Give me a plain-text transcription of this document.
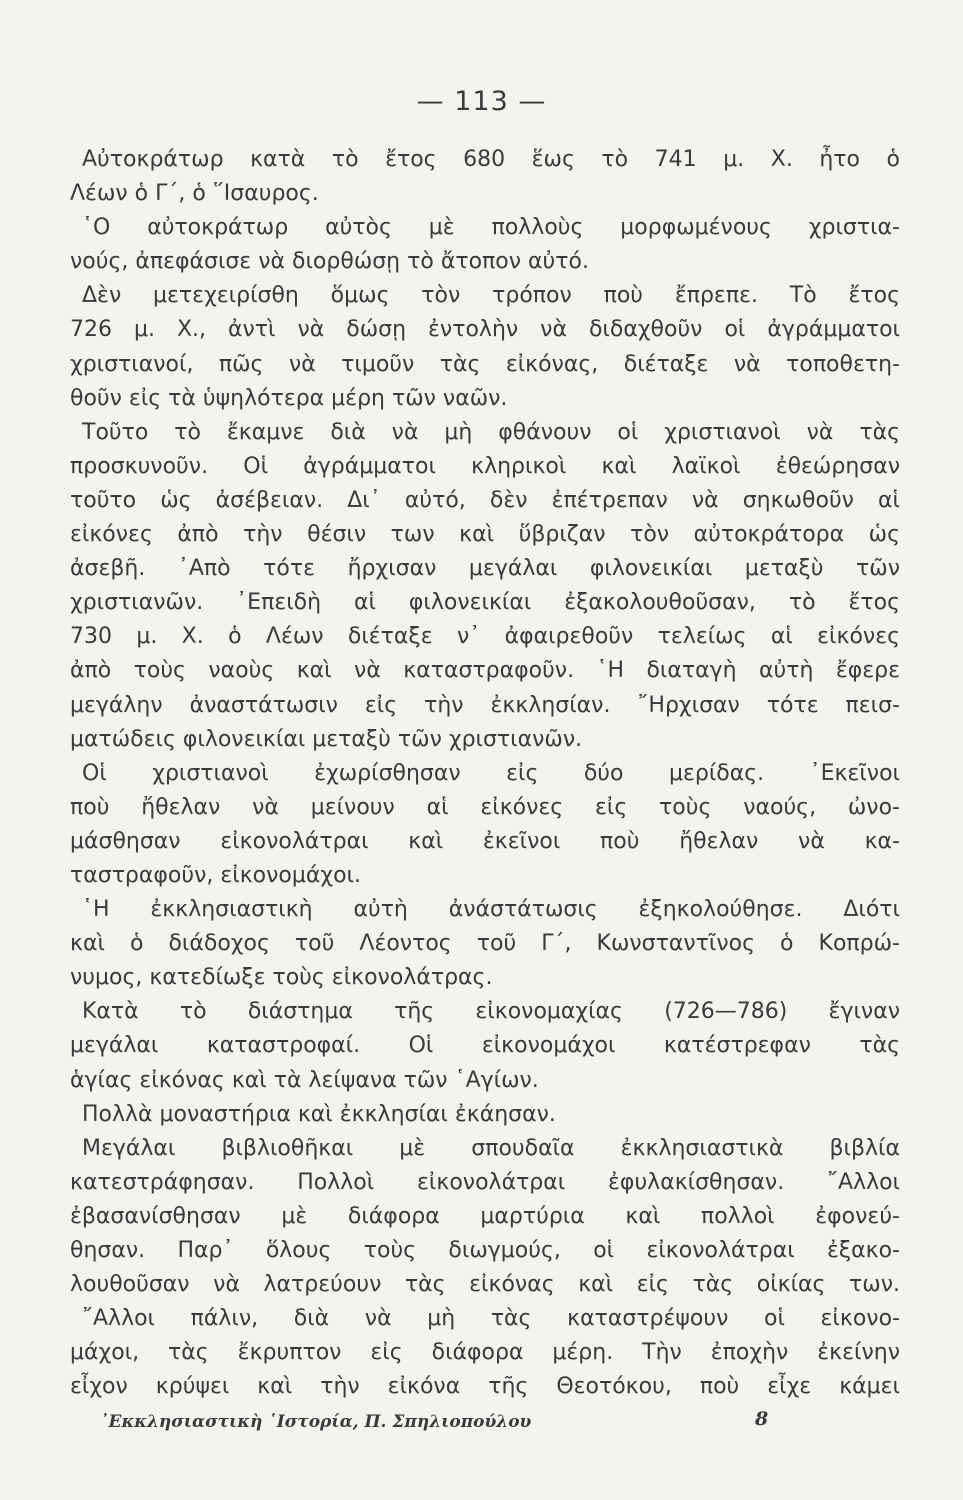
— 113 —
Αὐτοκράτωρ κατὰ τὸ ἔτος 680 ἕως τὸ 741 μ. Χ. ἦτο ὁ
Λέων ὁ Γ΄, ὁ ῞Ισαυρος.
῾Ο αὐτοκράτωρ αὐτὸς μὲ πολλοὺς μορφωμένους χριστια-
νούς, ἀπεφάσισε νὰ διορθώσῃ τὸ ἄτοπον αὐτό.
Δὲν μετεχειρίσθη ὅμως τὸν τρόπον ποὺ ἔπρεπε. Τὸ ἔτος
726 μ. Χ., ἀντὶ νὰ δώσῃ ἐντολὴν νὰ διδαχθοῦν οἱ ἀγράμματοι
χριστιανοί, πῶς νὰ τιμοῦν τὰς εἰκόνας, διέταξε νὰ τοποθετη-
θοῦν εἰς τὰ ὑψηλότερα μέρη τῶν ναῶν.
Τοῦτο τὸ ἔκαμνε διὰ νὰ μὴ φθάνουν οἱ χριστιανοὶ νὰ τὰς
προσκυνοῦν. Οἱ ἀγράμματοι κληρικοὶ καὶ λαϊκοὶ ἐθεώρησαν
τοῦτο ὡς ἀσέβειαν. Δι᾿ αὐτό, δὲν ἐπέτρεπαν νὰ σηκωθοῦν αἱ
εἰκόνες ἀπὸ τὴν θέσιν των καὶ ὕβριζαν τὸν αὐτοκράτορα ὡς
ἀσεβῆ. ᾿Απὸ τότε ἤρχισαν μεγάλαι φιλονεικίαι μεταξὺ τῶν
χριστιανῶν. ᾿Επειδὴ αἱ φιλονεικίαι ἐξακολουθοῦσαν, τὸ ἔτος
730 μ. Χ. ὁ Λέων διέταξε ν᾿ ἀφαιρεθοῦν τελείως αἱ εἰκόνες
ἀπὸ τοὺς ναοὺς καὶ νὰ καταστραφοῦν. ῾Η διαταγὴ αὐτὴ ἔφερε
μεγάλην ἀναστάτωσιν εἰς τὴν ἐκκλησίαν. ῎Ηρχισαν τότε πεισ-
ματώδεις φιλονεικίαι μεταξὺ τῶν χριστιανῶν.
Οἱ χριστιανοὶ ἐχωρίσθησαν εἰς δύο μερίδας. ᾿Εκεῖνοι
ποὺ ἤθελαν νὰ μείνουν αἱ εἰκόνες εἰς τοὺς ναούς, ὠνο-
μάσθησαν εἰκονολάτραι καὶ ἐκεῖνοι ποὺ ἤθελαν νὰ κα-
ταστραφοῦν, εἰκονομάχοι.
῾Η ἐκκλησιαστικὴ αὐτὴ ἀνάστάτωσις ἐξηκολούθησε. Διότι
καὶ ὁ διάδοχος τοῦ Λέοντος τοῦ Γ΄, Κωνσταντῖνος ὁ Κοπρώ-
νυμος, κατεδίωξε τοὺς εἰκονολάτρας.
Κατὰ τὸ διάστημα τῆς εἰκονομαχίας (726—786) ἔγιναν
μεγάλαι καταστροφαί. Οἱ εἰκονομάχοι κατέστρεφαν τὰς
ἁγίας εἰκόνας καὶ τὰ λείψανα τῶν ῾Αγίων.
Πολλὰ μοναστήρια καὶ ἐκκλησίαι ἐκάησαν.
Μεγάλαι βιβλιοθῆκαι μὲ σπουδαῖα ἐκκλησιαστικὰ βιβλία
κατεστράφησαν. Πολλοὶ εἰκονολάτραι ἐφυλακίσθησαν. ῎Αλλοι
ἐβασανίσθησαν μὲ διάφορα μαρτύρια καὶ πολλοὶ ἐφονεύ-
θησαν. Παρ᾿ ὅλους τοὺς διωγμούς, οἱ εἰκονολάτραι ἐξακο-
λουθοῦσαν νὰ λατρεύουν τὰς εἰκόνας καὶ εἰς τὰς οἰκίας των.
῎Αλλοι πάλιν, διὰ νὰ μὴ τὰς καταστρέψουν οἱ εἰκονο-
μάχοι, τὰς ἔκρυπτον εἰς διάφορα μέρη. Τὴν ἐποχὴν ἐκείνην
εἶχον κρύψει καὶ τὴν εἰκόνα τῆς Θεοτόκου, ποὺ εἶχε κάμει
᾿Εκκλησιαστικὴ ῾Ιστορία, Π. Σπηλιοπούλου	8
